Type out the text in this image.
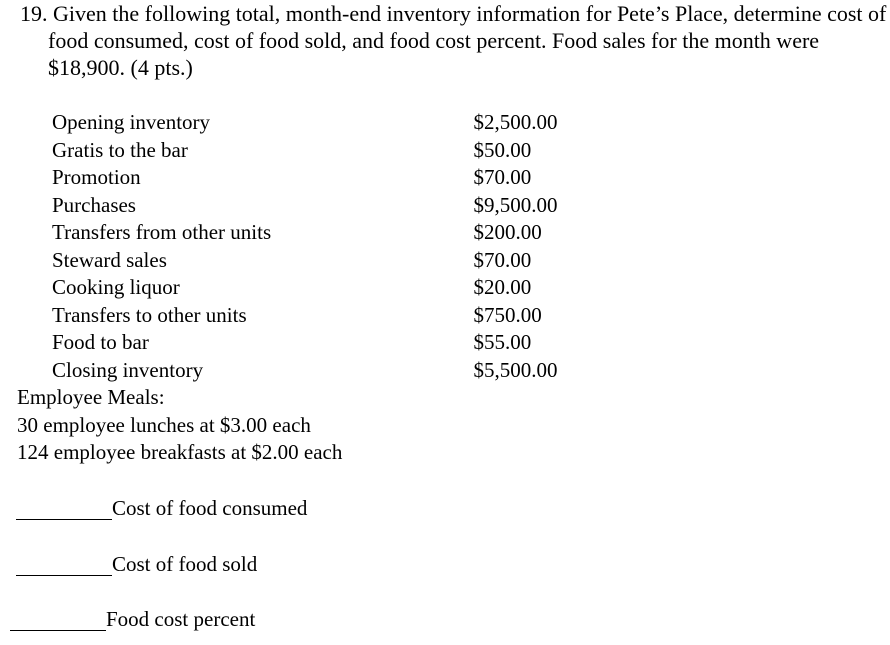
19. Given the following total, month-end inventory information for Pete’s Place, determine cost of food consumed, cost of food sold, and food cost percent. Food sales for the month were $18,900. (4 pts.)
Opening inventory	$2,500.00
Gratis to the bar	$50.00
Promotion	$70.00
Purchases	$9,500.00
Transfers from other units	$200.00
Steward sales	$70.00
Cooking liquor	$20.00
Transfers to other units	$750.00
Food to bar	$55.00
Closing inventory	$5,500.00
Employee Meals:
30 employee lunches at $3.00 each
124 employee breakfasts at $2.00 each
Cost of food consumed
Cost of food sold
Food cost percent
